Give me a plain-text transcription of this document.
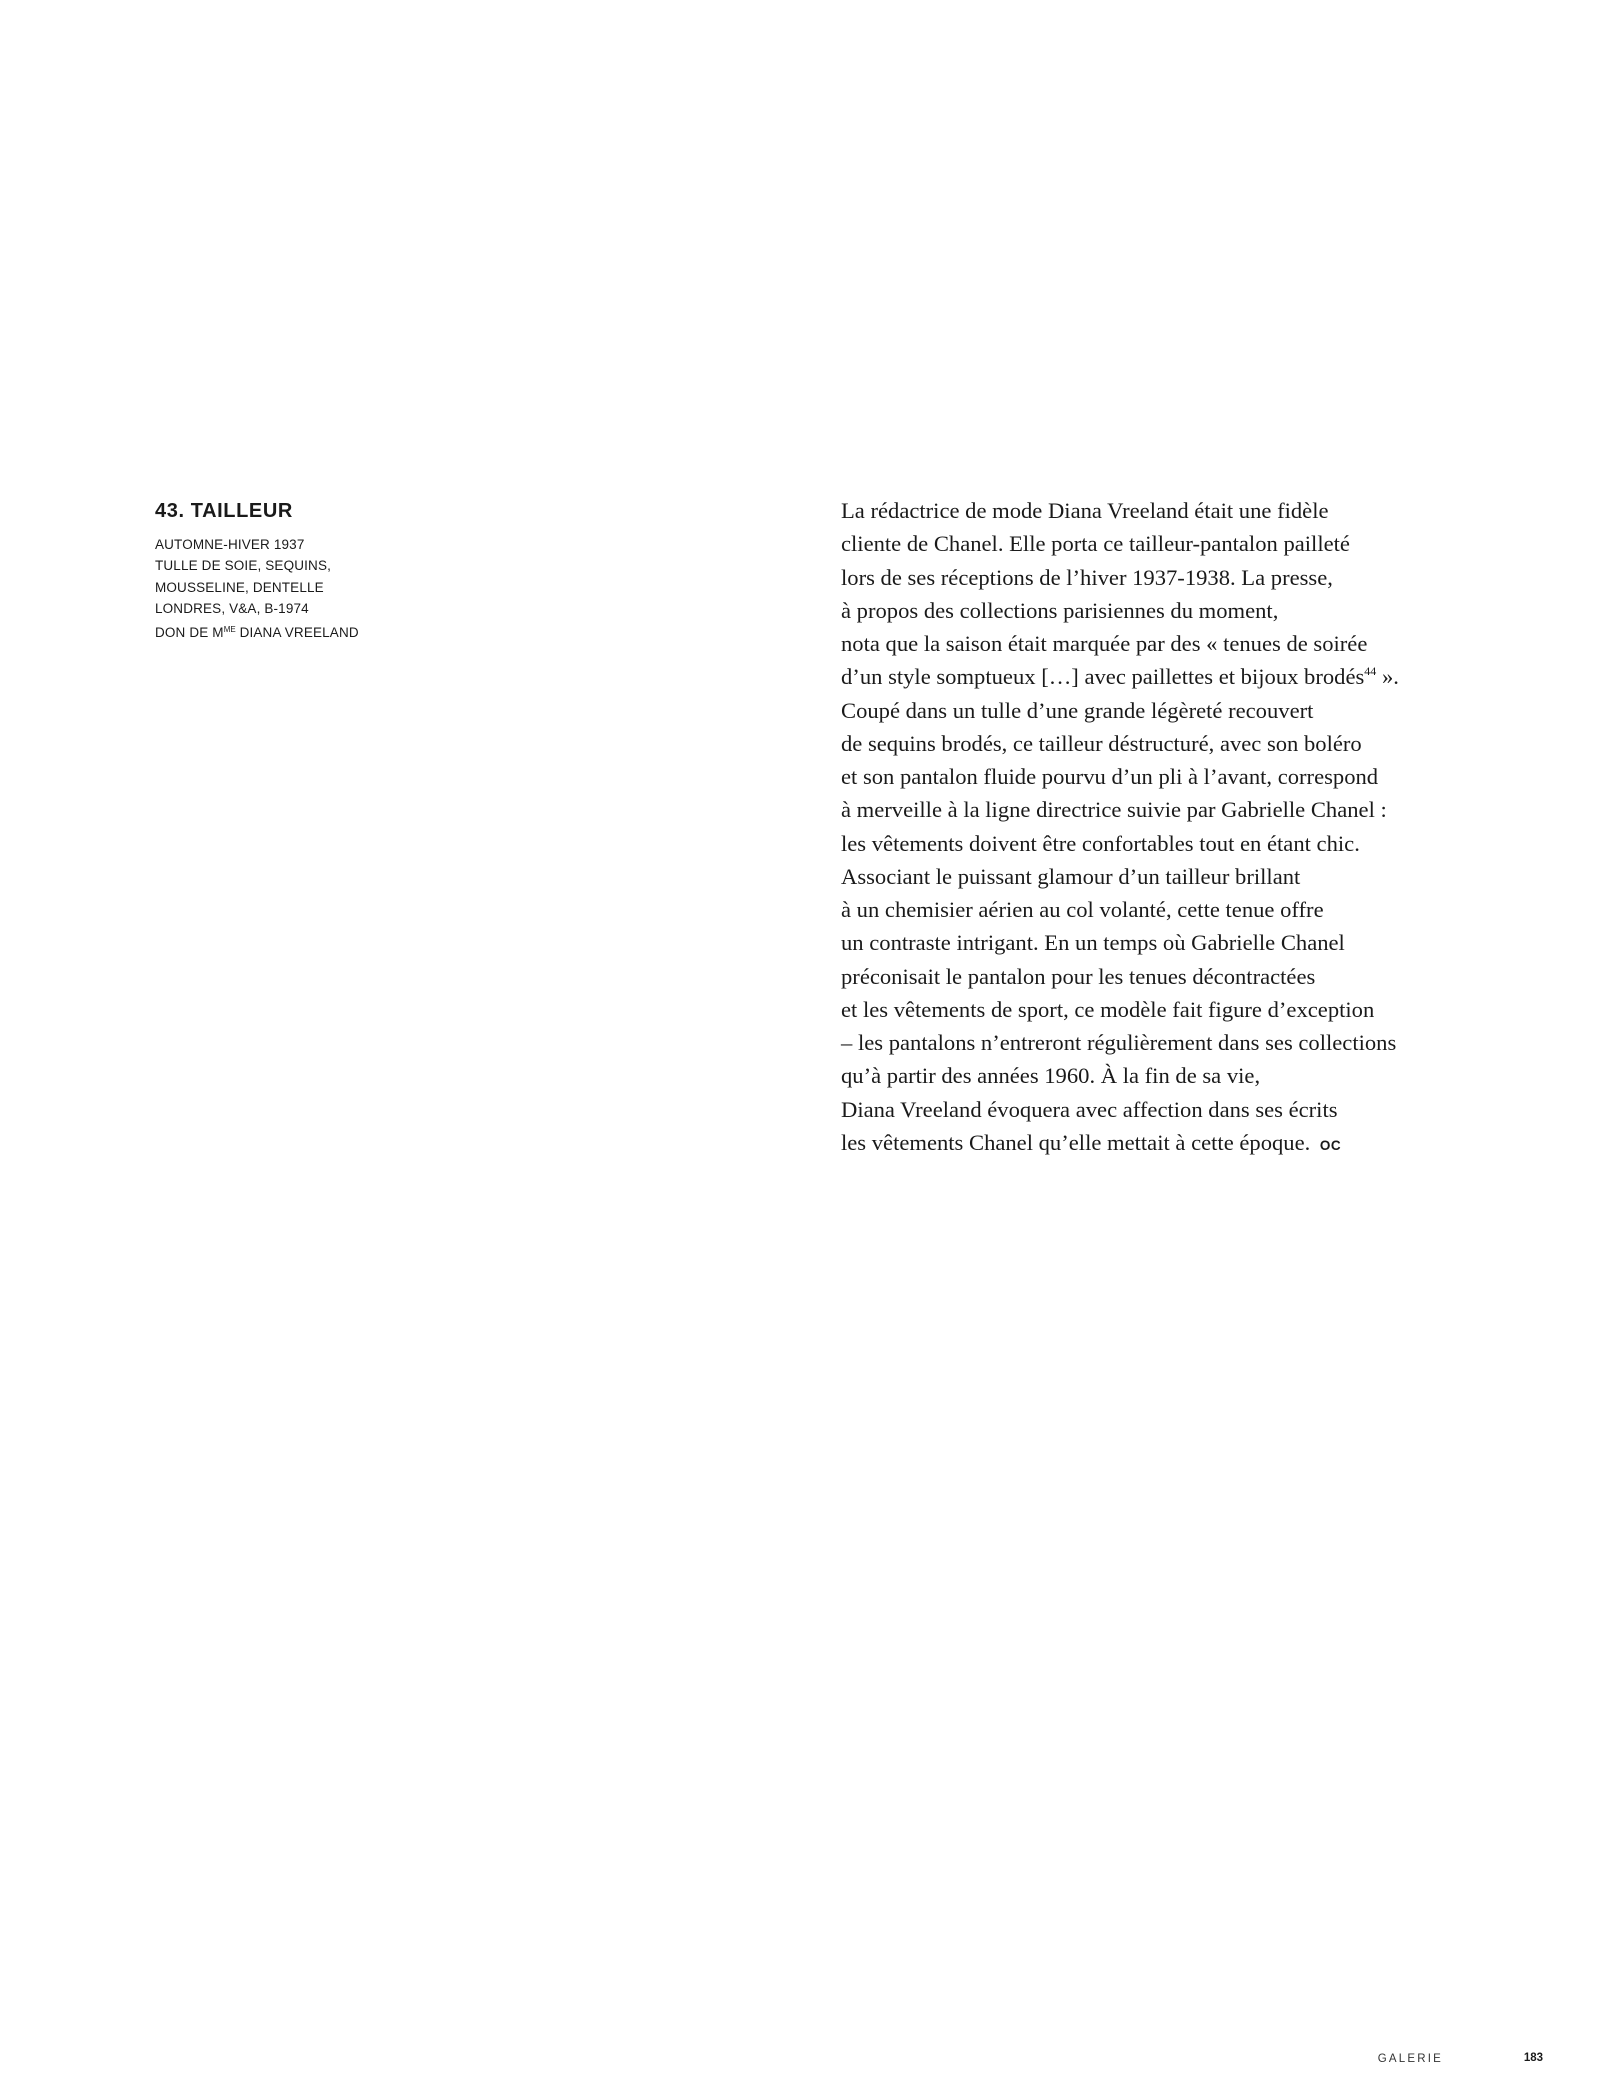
43. TAILLEUR
AUTOMNE-HIVER 1937
TULLE DE SOIE, SEQUINS,
MOUSSELINE, DENTELLE
LONDRES, V&A, B-1974
DON DE $M^{ME}$ DIANA VREELAND
La rédactrice de mode Diana Vreeland était une fidèle
cliente de Chanel. Elle porta ce tailleur-pantalon pailleté
lors de ses réceptions de l’hiver 1937-1938. La presse,
à propos des collections parisiennes du moment,
nota que la saison était marquée par des « tenues de soirée
d’un style somptueux […] avec paillettes et bijoux brodés$^{44}$ ».
Coupé dans un tulle d’une grande légèreté recouvert
de sequins brodés, ce tailleur déstructuré, avec son boléro
et son pantalon fluide pourvu d’un pli à l’avant, correspond
à merveille à la ligne directrice suivie par Gabrielle Chanel :
les vêtements doivent être confortables tout en étant chic.
Associant le puissant glamour d’un tailleur brillant
à un chemisier aérien au col volanté, cette tenue offre
un contraste intrigant. En un temps où Gabrielle Chanel
préconisait le pantalon pour les tenues décontractées
et les vêtements de sport, ce modèle fait figure d’exception
– les pantalons n’entreront régulièrement dans ses collections
qu’à partir des années 1960. À la fin de sa vie,
Diana Vreeland évoquera avec affection dans ses écrits
les vêtements Chanel qu’elle mettait à cette époque. OC
GALERIE	183
